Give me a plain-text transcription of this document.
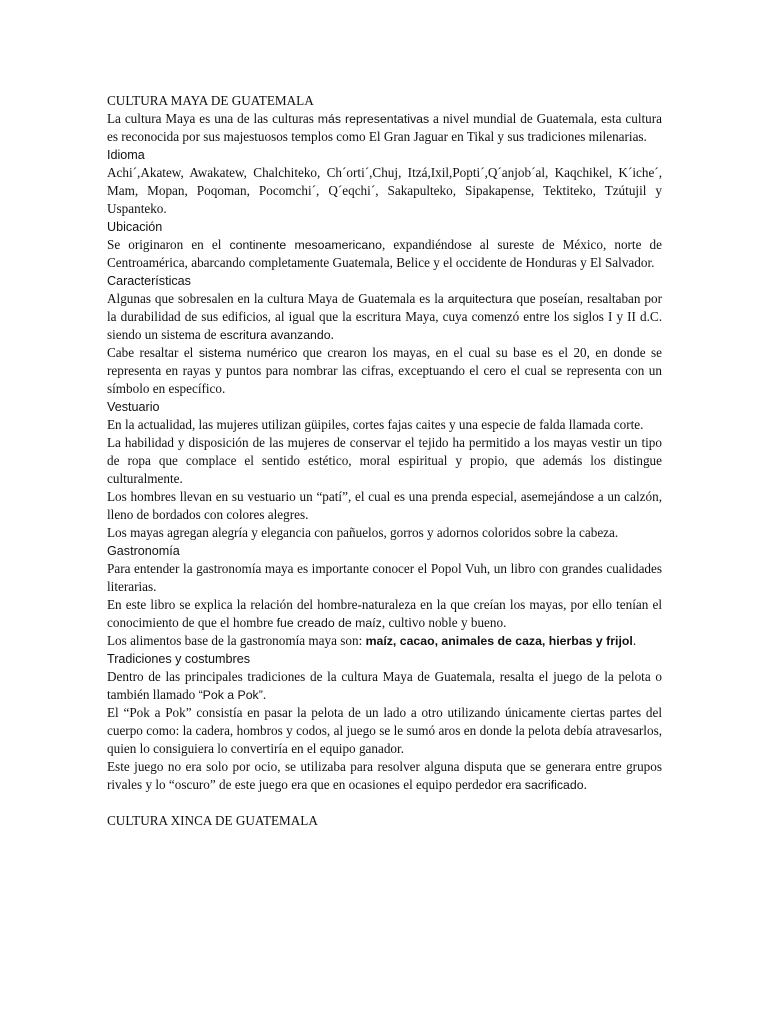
CULTURA MAYA DE GUATEMALA

La cultura Maya es una de las culturas más representativas a nivel mundial de Guatemala, esta cultura es reconocida por sus majestuosos templos como El Gran Jaguar en Tikal y sus tradiciones milenarias.

Idioma

Achi´,Akatew, Awakatew, Chalchiteko, Ch´orti´,Chuj, Itzá,Ixil,Popti´,Q´anjob´al, Kaqchikel, K´iche´, Mam, Mopan, Poqoman, Pocomchi´, Q´eqchi´, Sakapulteko, Sipakapense, Tektiteko, Tzútujil y Uspanteko.

Ubicación

Se originaron en el continente mesoamericano, expandiéndose al sureste de México, norte de Centroamérica, abarcando completamente Guatemala, Belice y el occidente de Honduras y El Salvador.

Características

Algunas que sobresalen en la cultura Maya de Guatemala es la arquitectura que poseían, resaltaban por la durabilidad de sus edificios, al igual que la escritura Maya, cuya comenzó entre los siglos I y II d.C. siendo un sistema de escritura avanzando.

Cabe resaltar el sistema numérico que crearon los mayas, en el cual su base es el 20, en donde se representa en rayas y puntos para nombrar las cifras, exceptuando el cero el cual se representa con un símbolo en específico.

Vestuario

En la actualidad, las mujeres utilizan güipiles, cortes fajas caites y una especie de falda llamada corte.

La habilidad y disposición de las mujeres de conservar el tejido ha permitido a los mayas vestir un tipo de ropa que complace el sentido estético, moral espiritual y propio, que además los distingue culturalmente.

Los hombres llevan en su vestuario un “patí”, el cual es una prenda especial, asemejándose a un calzón, lleno de bordados con colores alegres.

Los mayas agregan alegría y elegancia con pañuelos, gorros y adornos coloridos sobre la cabeza.

Gastronomía

Para entender la gastronomía maya es importante conocer el Popol Vuh, un libro con grandes cualidades literarias.

En este libro se explica la relación del hombre-naturaleza en la que creían los mayas, por ello tenían el conocimiento de que el hombre fue creado de maíz, cultivo noble y bueno.

Los alimentos base de la gastronomía maya son: maíz, cacao, animales de caza, hierbas y frijol.

Tradiciones y costumbres

Dentro de las principales tradiciones de la cultura Maya de Guatemala, resalta el juego de la pelota o también llamado “Pok a Pok”.

El “Pok a Pok” consistía en pasar la pelota de un lado a otro utilizando únicamente ciertas partes del cuerpo como: la cadera, hombros y codos, al juego se le sumó aros en donde la pelota debía atravesarlos, quien lo consiguiera lo convertiría en el equipo ganador.

Este juego no era solo por ocio, se utilizaba para resolver alguna disputa que se generara entre grupos rivales y lo “oscuro” de este juego era que en ocasiones el equipo perdedor era sacrificado.

CULTURA XINCA DE GUATEMALA
